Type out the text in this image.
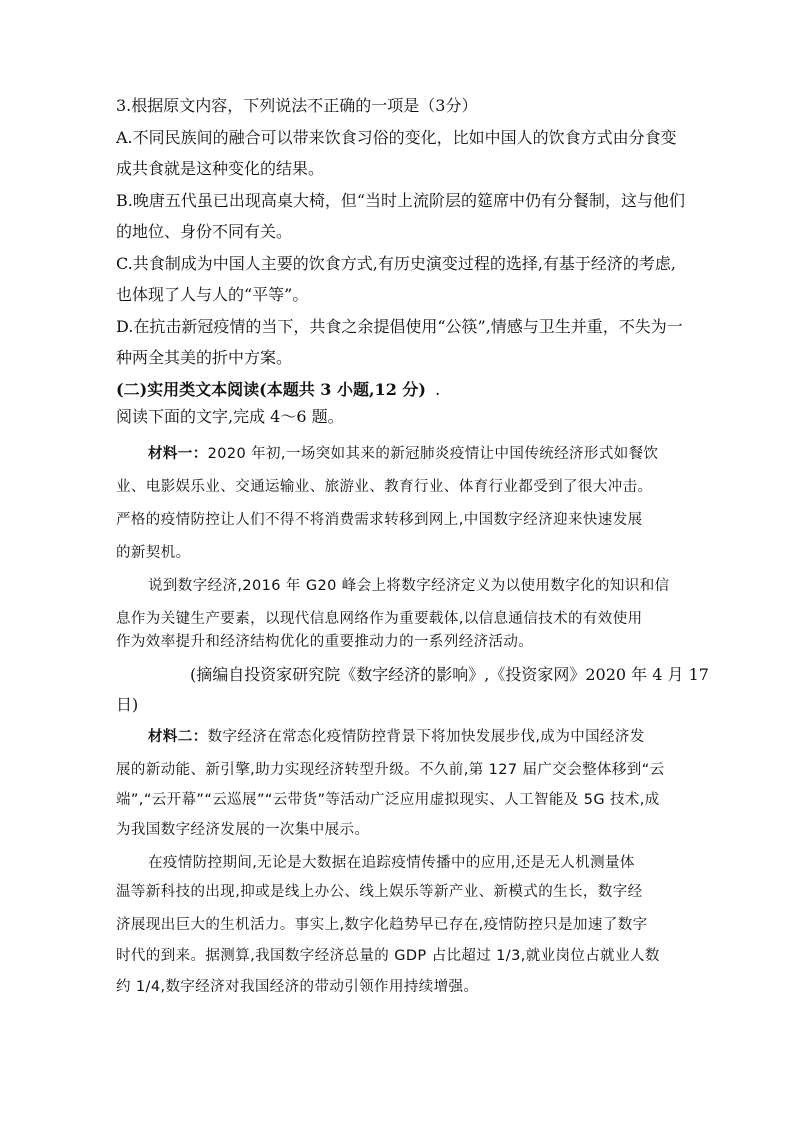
3.根据原文内容，下列说法不正确的一项是（3分）
A.不同民族间的融合可以带来饮食习俗的变化，比如中国人的饮食方式由分食变
成共食就是这种变化的结果。
B.晚唐五代虽已出现高桌大椅，但“当时上流阶层的筵席中仍有分餐制，这与他们
的地位、身份不同有关。
C.共食制成为中国人主要的饮食方式,有历史演变过程的选择,有基于经济的考虑,
也体现了人与人的“平等”。
D.在抗击新冠疫情的当下，共食之余提倡使用“公筷”,情感与卫生并重，不失为一
种两全其美的折中方案。
(二)实用类文本阅读(本题共 3 小题,12 分) .
阅读下面的文字,完成 4～6 题。
材料一：2020 年初,一场突如其来的新冠肺炎疫情让中国传统经济形式如餐饮
业、电影娱乐业、交通运输业、旅游业、教育行业、体育行业都受到了很大冲击。
严格的疫情防控让人们不得不将消费需求转移到网上,中国数字经济迎来快速发展
的新契机。
说到数字经济,2016 年 G20 峰会上将数字经济定义为以使用数字化的知识和信
息作为关键生产要素，以现代信息网络作为重要载体,以信息通信技术的有效使用
作为效率提升和经济结构优化的重要推动力的一系列经济活动。
(摘编自投资家研究院《数字经济的影响》,《投资家网》2020 年 4 月 17
日)
材料二：数字经济在常态化疫情防控背景下将加快发展步伐,成为中国经济发
展的新动能、新引擎,助力实现经济转型升级。不久前,第 127 届广交会整体移到“云
端”,“云开幕”“云巡展”“云带货”等活动广泛应用虚拟现实、人工智能及 5G 技术,成
为我国数字经济发展的一次集中展示。
在疫情防控期间,无论是大数据在追踪疫情传播中的应用,还是无人机测量体
温等新科技的出现,抑或是线上办公、线上娱乐等新产业、新模式的生长，数字经
济展现出巨大的生机活力。事实上,数字化趋势早已存在,疫情防控只是加速了数字
时代的到来。据测算,我国数字经济总量的 GDP 占比超过 1/3,就业岗位占就业人数
约 1/4,数字经济对我国经济的带动引领作用持续增强。
